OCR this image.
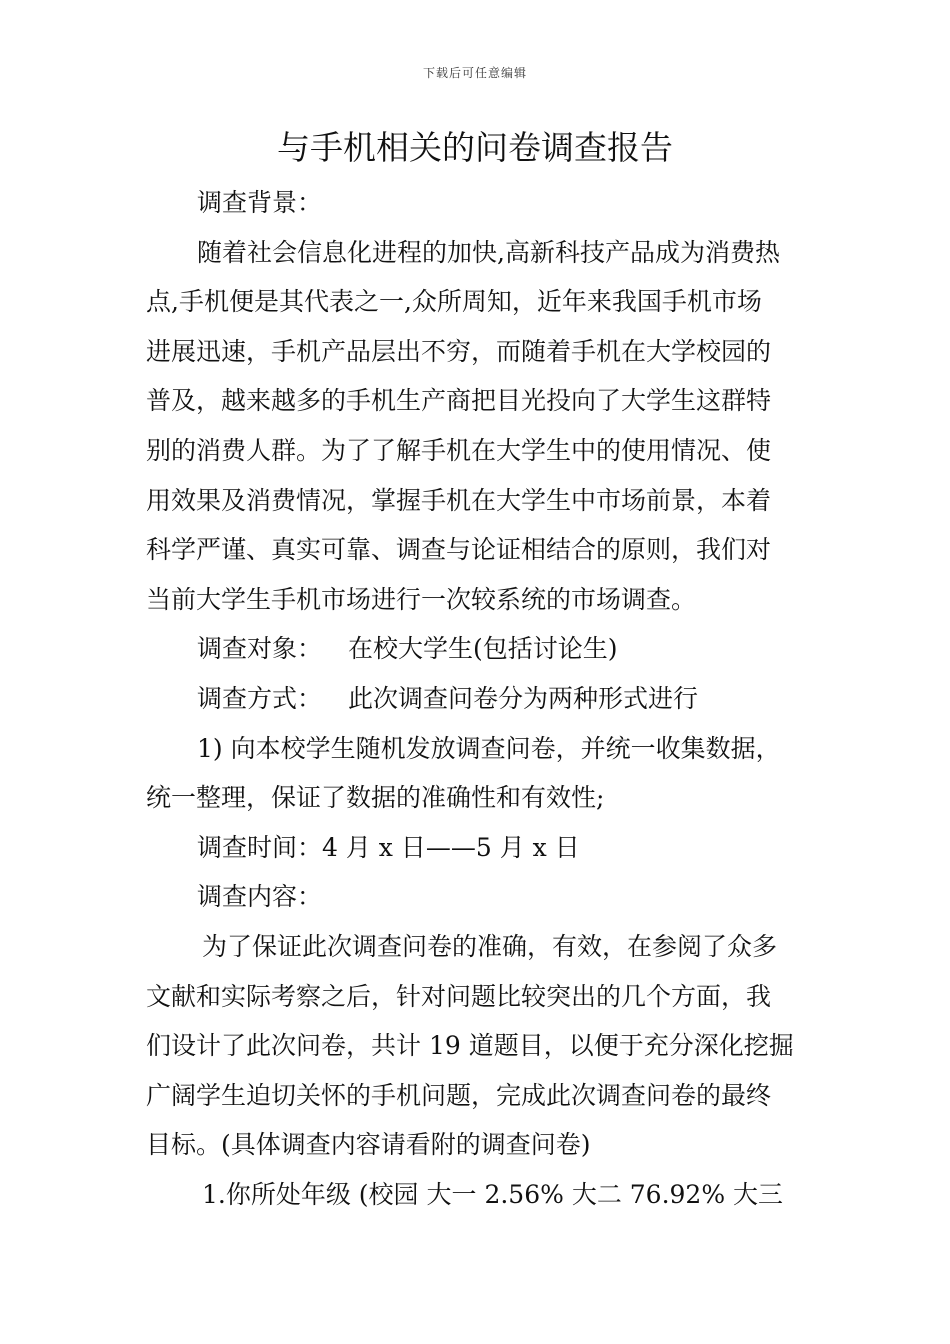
下载后可任意编辑
与手机相关的问卷调查报告
调查背景：
随着社会信息化进程的加快,高新科技产品成为消费热
点,手机便是其代表之一,众所周知，近年来我国手机市场
进展迅速，手机产品层出不穷，而随着手机在大学校园的
普及，越来越多的手机生产商把目光投向了大学生这群特
别的消费人群。为了了解手机在大学生中的使用情况、使
用效果及消费情况，掌握手机在大学生中市场前景，本着
科学严谨、真实可靠、调查与论证相结合的原则，我们对
当前大学生手机市场进行一次较系统的市场调查。
调查对象： 在校大学生(包括讨论生)
调查方式： 此次调查问卷分为两种形式进行
1) 向本校学生随机发放调查问卷，并统一收集数据，
统一整理，保证了数据的准确性和有效性;
调查时间：4 月 x 日——5 月 x 日
调查内容：
为了保证此次调查问卷的准确，有效，在参阅了众多
文献和实际考察之后，针对问题比较突出的几个方面，我
们设计了此次问卷，共计 19 道题目，以便于充分深化挖掘
广阔学生迫切关怀的手机问题，完成此次调查问卷的最终
目标。(具体调查内容请看附的调查问卷)
1.你所处年级 (校园 大一 2.56% 大二 76.92% 大三
